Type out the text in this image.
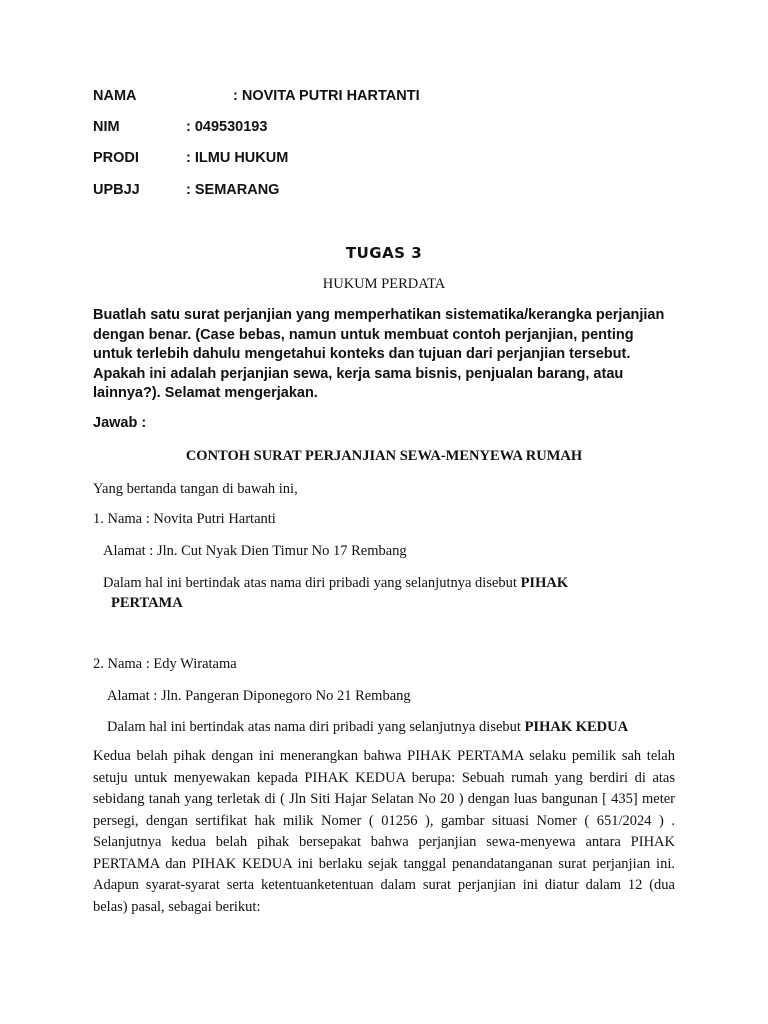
NAMA	: NOVITA PUTRI HARTANTI
NIM	: 049530193
PRODI	: ILMU HUKUM
UPBJJ	: SEMARANG
TUGAS 3
HUKUM PERDATA
Buatlah satu surat perjanjian yang memperhatikan sistematika/kerangka perjanjian dengan benar. (Case bebas, namun untuk membuat contoh perjanjian, penting untuk terlebih dahulu mengetahui konteks dan tujuan dari perjanjian tersebut. Apakah ini adalah perjanjian sewa, kerja sama bisnis, penjualan barang, atau lainnya?). Selamat mengerjakan.
Jawab :
CONTOH SURAT PERJANJIAN SEWA-MENYEWA RUMAH
Yang bertanda tangan di bawah ini,
1. Nama : Novita Putri Hartanti
Alamat : Jln. Cut Nyak Dien Timur No 17 Rembang
Dalam hal ini bertindak atas nama diri pribadi yang selanjutnya disebut PIHAK
PERTAMA
2. Nama : Edy Wiratama
Alamat : Jln. Pangeran Diponegoro No 21 Rembang
Dalam hal ini bertindak atas nama diri pribadi yang selanjutnya disebut PIHAK KEDUA
Kedua belah pihak dengan ini menerangkan bahwa PIHAK PERTAMA selaku pemilik sah telah setuju untuk menyewakan kepada PIHAK KEDUA berupa: Sebuah rumah yang berdiri di atas sebidang tanah yang terletak di ( Jln Siti Hajar Selatan No 20 ) dengan luas bangunan [ 435] meter persegi, dengan sertifikat hak milik Nomer ( 01256 ), gambar situasi Nomer ( 651/2024 ) . Selanjutnya kedua belah pihak bersepakat bahwa perjanjian sewa-menyewa antara PIHAK PERTAMA dan PIHAK KEDUA ini berlaku sejak tanggal penandatanganan surat perjanjian ini. Adapun syarat-syarat serta ketentuanketentuan dalam surat perjanjian ini diatur dalam 12 (dua belas) pasal, sebagai berikut:
